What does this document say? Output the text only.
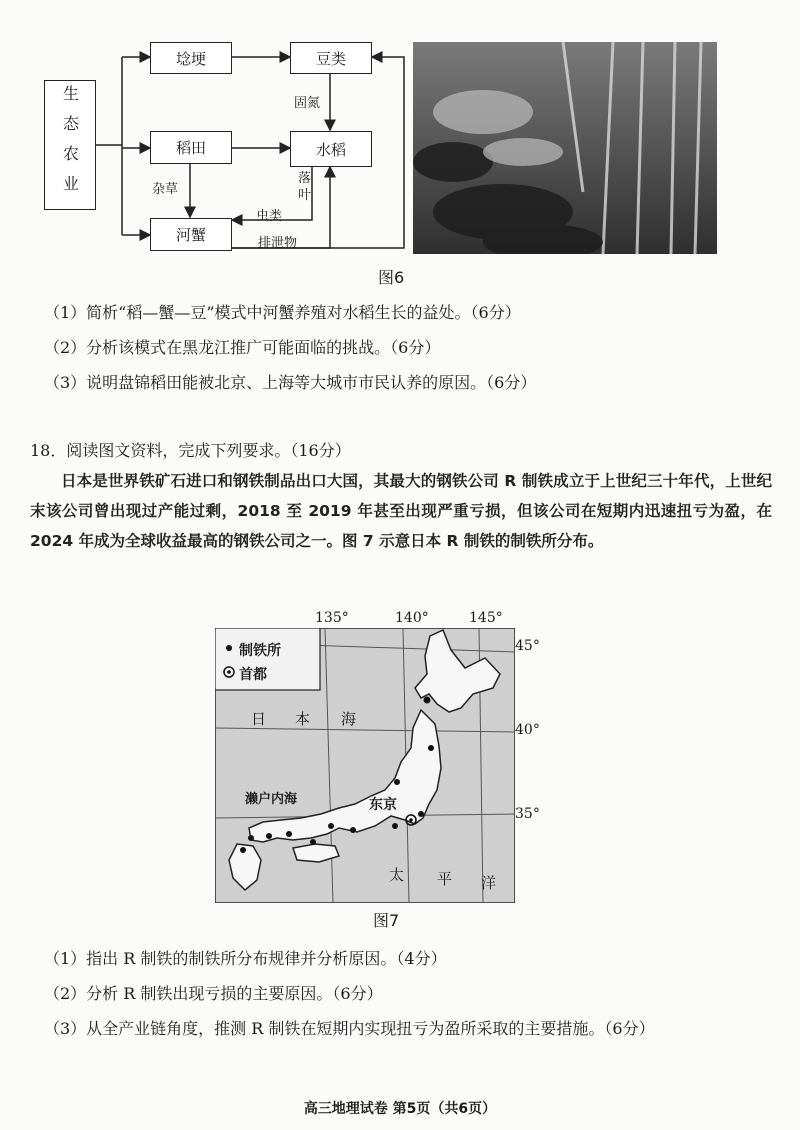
生态农业
埝埂	豆类
稻田	水稻
河蟹
固氮
杂草
落叶
虫类
排泄物
图6
（1）简析“稻—蟹—豆”模式中河蟹养殖对水稻生长的益处。（6分）
（2）分析该模式在黑龙江推广可能面临的挑战。（6分）
（3）说明盘锦稻田能被北京、上海等大城市市民认养的原因。（6分）
18．阅读图文资料，完成下列要求。（16分）

日本是世界铁矿石进口和钢铁制品出口大国，其最大的钢铁公司 R 制铁成立于上世纪三十年代，上世纪末该公司曾出现过产能过剩，2018 至 2019 年甚至出现严重亏损，但该公司在短期内迅速扭亏为盈，在 2024 年成为全球收益最高的钢铁公司之一。图 7 示意日本 R 制铁的制铁所分布。

135°	140°	145°
制铁所
首都
45°
40°
35°
日 本 海
濑户内海	东京
太 平 洋
图7
（1）指出 R 制铁的制铁所分布规律并分析原因。（4分）
（2）分析 R 制铁出现亏损的主要原因。（6分）
（3）从全产业链角度，推测 R 制铁在短期内实现扭亏为盈所采取的主要措施。（6分）
高三地理试卷 第5页（共6页）
